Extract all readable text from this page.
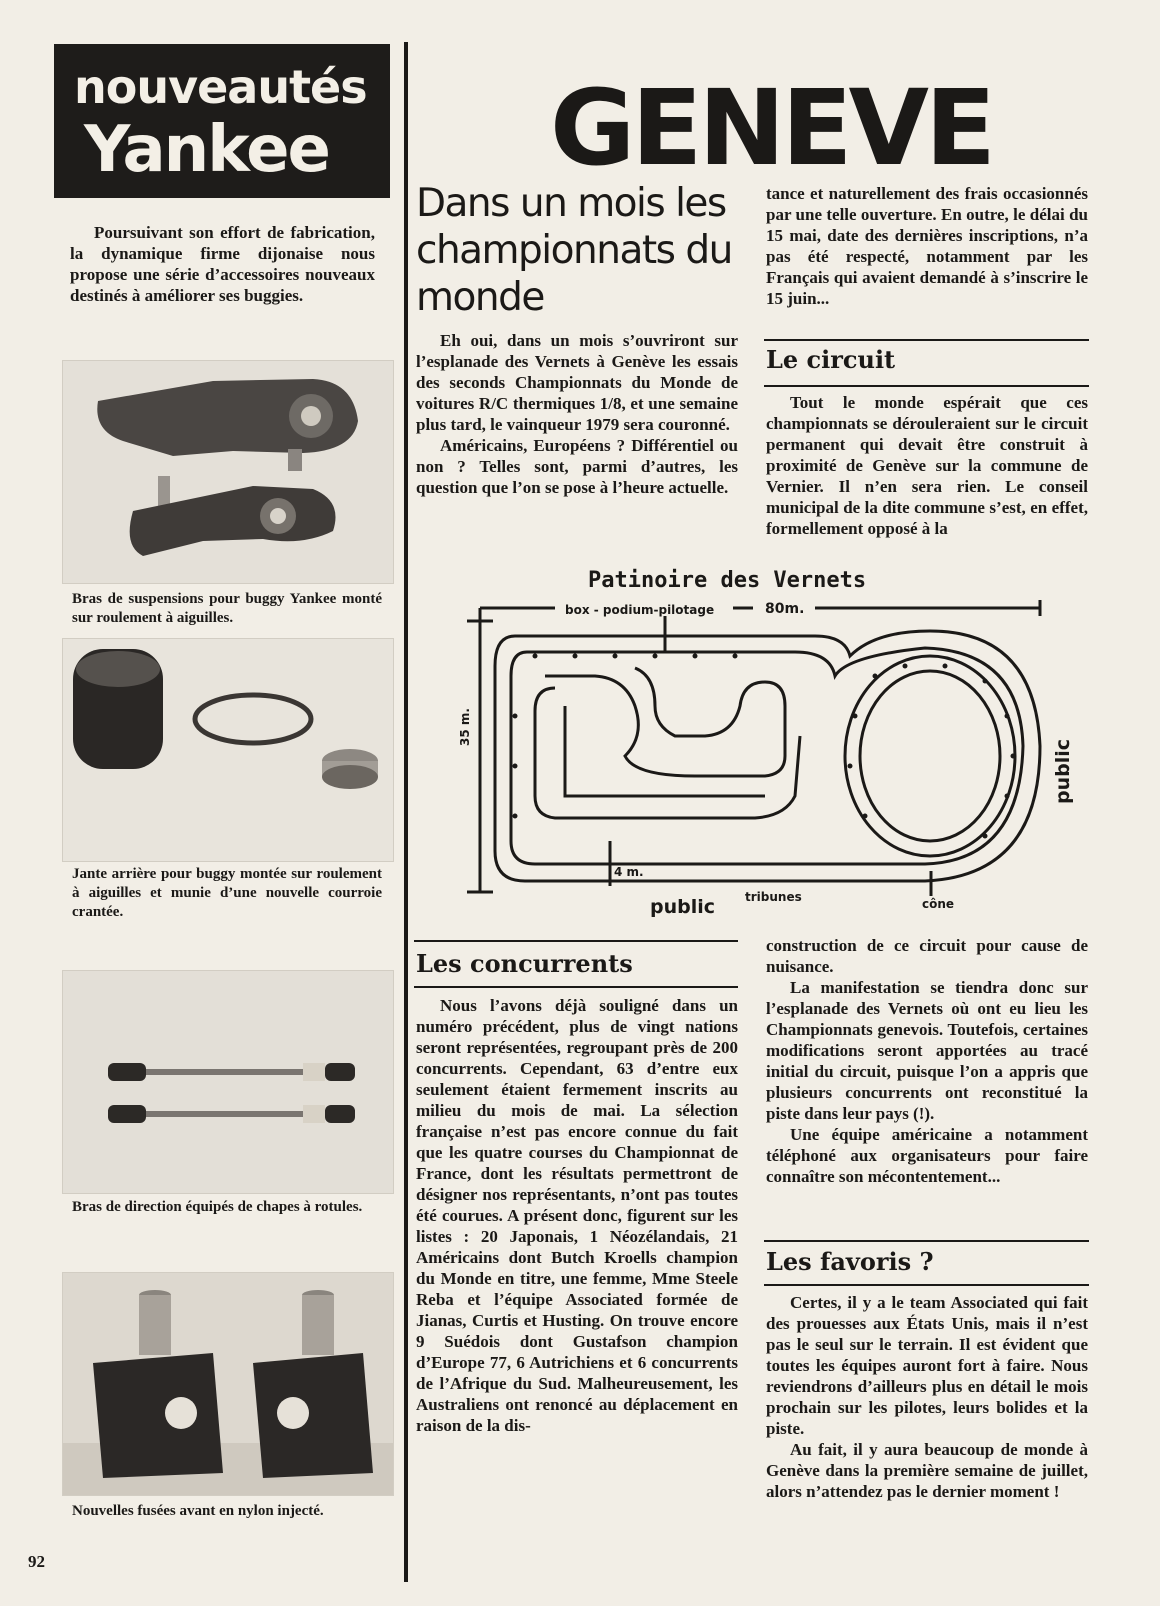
nouveautés
Yankee
Poursuivant son effort de fabrication, la dynamique firme dijonaise nous propose une série d’accessoires nouveaux destinés à améliorer ses buggies.
Bras de suspensions pour buggy Yankee monté sur roulement à aiguilles.
Jante arrière pour buggy montée sur roulement à aiguilles et munie d’une nouvelle courroie crantée.
Bras de direction équipés de chapes à rotules.
Nouvelles fusées avant en nylon injecté.
92
GENEVE
Dans un mois les championnats du monde

Eh oui, dans un mois s’ouvriront sur l’esplanade des Vernets à Genève les essais des seconds Championnats du Monde de voitures R/C thermiques 1/8, et une semaine plus tard, le vainqueur 1979 sera couronné.

Américains, Européens ? Différentiel ou non ? Telles sont, parmi d’autres, les question que l’on se pose à l’heure actuelle.

tance et naturellement des frais occasionnés par une telle ouverture. En outre, le délai du 15 mai, date des dernières inscriptions, n’a pas été respecté, notamment par les Français qui avaient demandé à s’inscrire le 15 juin...

Le circuit

Tout le monde espérait que ces championnats se dérouleraient sur le circuit permanent qui devait être construit à proximité de Genève sur la commune de Vernier. Il n’en sera rien. Le conseil municipal de la dite commune s’est, en effet, formellement opposé à la

Patinoire des Vernets
box - podium-pilotage	80m.
35 m.
4 m.
tribunes	cône
public
public
Les concurrents

Nous l’avons déjà souligné dans un numéro précédent, plus de vingt nations seront représentées, regroupant près de 200 concurrents. Cependant, 63 d’entre eux seulement étaient fermement inscrits au milieu du mois de mai. La sélection française n’est pas encore connue du fait que les quatre courses du Championnat de France, dont les résultats permettront de désigner nos représentants, n’ont pas toutes été courues. A présent donc, figurent sur les listes : 20 Japonais, 1 Néozélandais, 21 Américains dont Butch Kroells champion du Monde en titre, une femme, Mme Steele Reba et l’équipe Associated formée de Jianas, Curtis et Husting. On trouve encore 9 Suédois dont Gustafson champion d’Europe 77, 6 Autrichiens et 6 concurrents de l’Afrique du Sud. Malheureusement, les Australiens ont renoncé au déplacement en raison de la dis-

construction de ce circuit pour cause de nuisance.

La manifestation se tiendra donc sur l’esplanade des Vernets où ont eu lieu les Championnats genevois. Toutefois, certaines modifications seront apportées au tracé initial du circuit, puisque l’on a appris que plusieurs concurrents ont reconstitué la piste dans leur pays (!).

Une équipe américaine a notamment téléphoné aux organisateurs pour faire connaître son mécontentement...

Les favoris ?

Certes, il y a le team Associated qui fait des prouesses aux États Unis, mais il n’est pas le seul sur le terrain. Il est évident que toutes les équipes auront fort à faire. Nous reviendrons d’ailleurs plus en détail le mois prochain sur les pilotes, leurs bolides et la piste.

Au fait, il y aura beaucoup de monde à Genève dans la première semaine de juillet, alors n’attendez pas le dernier moment !
